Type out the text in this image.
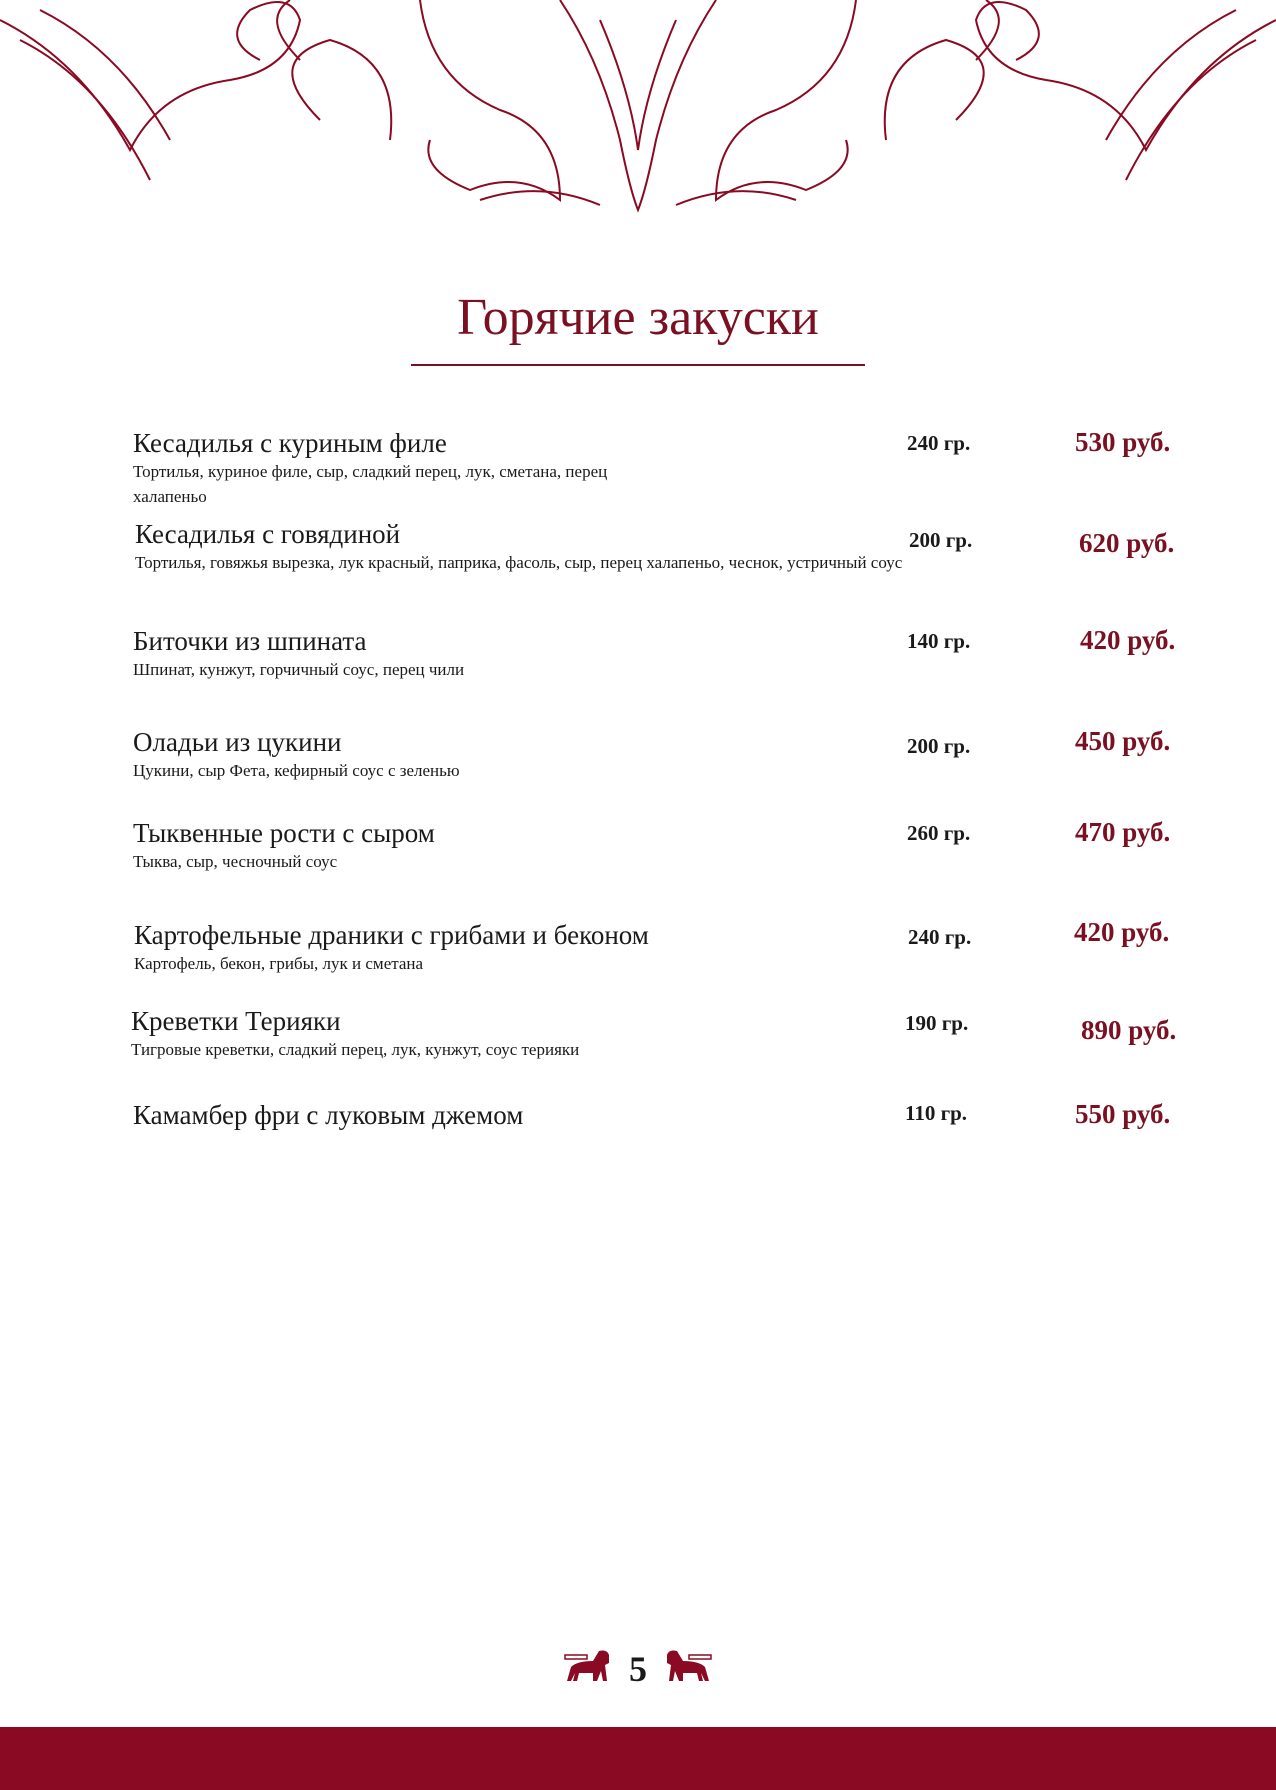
Горячие закуски
Кесадилья с куриным филе
Тортилья, куриное филе, сыр, сладкий перец, лук, сметана, перец халапеньо
240 гр.	530 руб.
Кесадилья с говядиной
Тортилья, говяжья вырезка, лук красный, паприка, фасоль, сыр, перец халапеньо, чеснок, устричный соус
200 гр.	620 руб.
Биточки из шпината
Шпинат, кунжут, горчичный соус, перец чили
140 гр.	420 руб.
Оладьи из цукини
Цукини, сыр Фета, кефирный соус с зеленью
200 гр.	450 руб.
Тыквенные рости с сыром
Тыква, сыр, чесночный соус
260 гр.	470 руб.
Картофельные драники с грибами и беконом
Картофель, бекон, грибы, лук и сметана
240 гр.	420 руб.
Креветки Терияки
Тигровые креветки, сладкий перец, лук, кунжут, соус терияки
190 гр.	890 руб.
Камамбер фри с луковым джемом	110 гр.	550 руб.
5
